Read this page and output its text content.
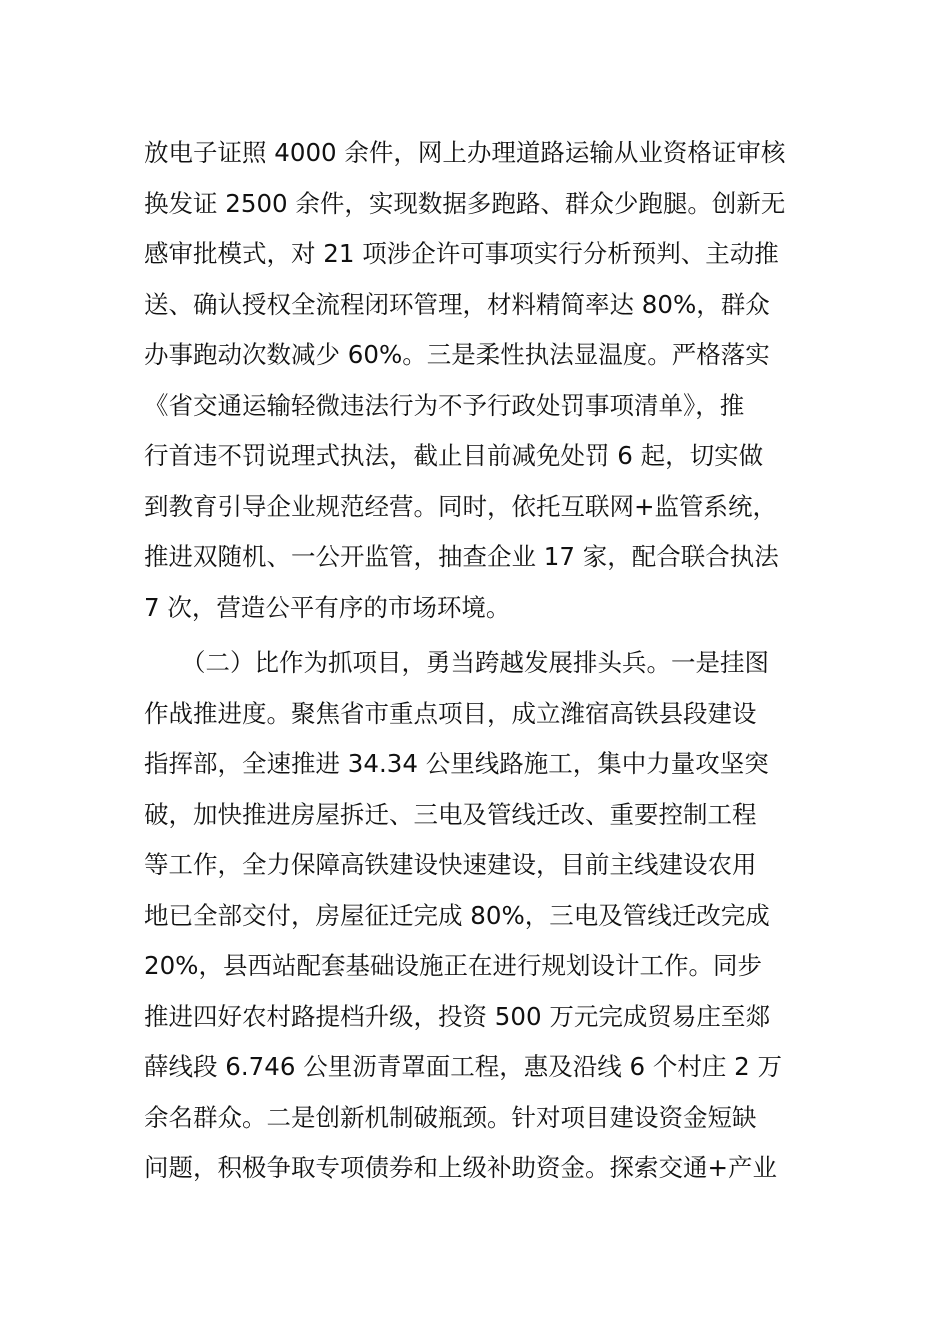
放电子证照 4000 余件，网上办理道路运输从业资格证审核
换发证 2500 余件，实现数据多跑路、群众少跑腿。创新无
感审批模式，对 21 项涉企许可事项实行分析预判、主动推
送、确认授权全流程闭环管理，材料精简率达 80%，群众
办事跑动次数减少 60%。三是柔性执法显温度。严格落实
《省交通运输轻微违法行为不予行政处罚事项清单》，推
行首违不罚说理式执法，截止目前减免处罚 6 起，切实做
到教育引导企业规范经营。同时，依托互联网+监管系统，
推进双随机、一公开监管，抽查企业 17 家，配合联合执法
7 次，营造公平有序的市场环境。
（二）比作为抓项目，勇当跨越发展排头兵。一是挂图
作战推进度。聚焦省市重点项目，成立潍宿高铁县段建设
指挥部，全速推进 34.34 公里线路施工，集中力量攻坚突
破，加快推进房屋拆迁、三电及管线迁改、重要控制工程
等工作，全力保障高铁建设快速建设，目前主线建设农用
地已全部交付，房屋征迁完成 80%，三电及管线迁改完成
20%，县西站配套基础设施正在进行规划设计工作。同步
推进四好农村路提档升级，投资 500 万元完成贸易庄至郯
薛线段 6.746 公里沥青罩面工程，惠及沿线 6 个村庄 2 万
余名群众。二是创新机制破瓶颈。针对项目建设资金短缺
问题，积极争取专项债券和上级补助资金。探索交通+产业
